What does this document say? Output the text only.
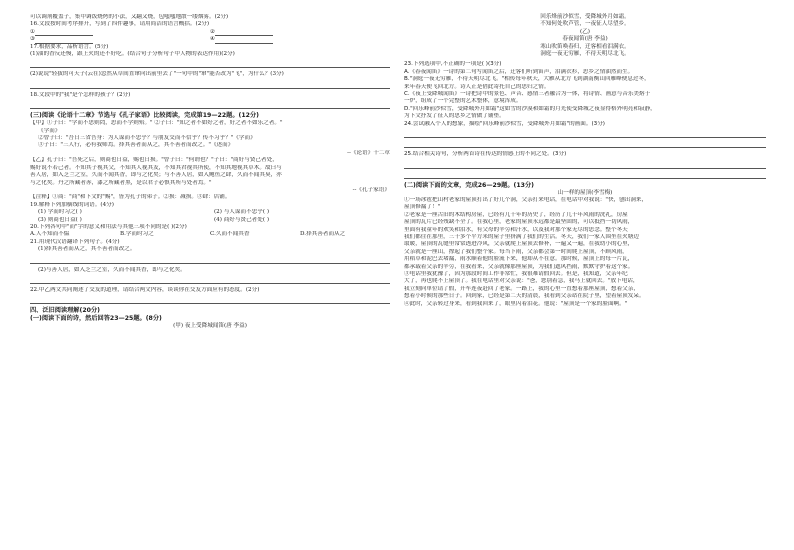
可以调剂覆盖子，集中调饭烧烤的小法，又翻又烧，包嗤嗤地散一缕烟雾。(2分)
16.文段按时间考序排开，写到了四件趣事，请用简洁的语言概括。(2分)
①	②
③	④
17.根据要求，品析语言。(5分)
(1)油的香反还慢，跟上火的还不好吃。(结合句子分析句子中人物的表达作用)(2分)
(2)说说"轻拔的可天子(云在)忽然从草间直窜向出前里去了"一句中的"窜"能否改为"飞"，为什么？(3分)
18.文段中的"我"是个怎样的孩子？(2分)
(三)阅读《论语十二章》节选与《孔子家语》比较阅读，完成第19—22题。(12分)
【甲】①子曰："学而不思则罔，思而不学则殆。" ②子曰："知之者不如好之者，好之者不如乐之者。"
《学而》
②曾子曰："吾日三省吾身：为人谋而不忠乎？与朋友交而不信乎？传不习乎？"《学而》
③子曰："三人行，必有我师焉。择其善者而从之，其不善者而改之。"《述而》
--《论语》十二章
【乙】孔子曰："吾死之后，则商也日益，赐也日损。"曾子曰："何谓也？"子曰："商好与贤己者处，
赐好说不若己者。不知其子视其父，不知其人视其友，不知其君视其所使，不知其地视其草木。故曰与
善人居，如入芝兰之室，久而不闻其香，即与之化矣；与不善人居，如入鲍鱼之肆，久而不闻其臭，亦
与之化矣。丹之所藏者赤，漆之所藏者黑，是以君子必慎其所与处者焉。"
--《孔子家语》
【注释】①商："商"和下文的"赐"，皆为孔子的弟子。②损：减损。③肆：店铺。
19.解释下列加横线的词语。(4分)
(1) 学而时习之( )	(2) 与人谋而不忠乎( )
(3) 则商也日益( )	(4) 商好与贤己者处( )
20.下列各句中"而"字的意义和用法与其他三项不同的是( )(2分)
A.人不知而不愠	B.学而时习之	C.久而不闻其香	D.择其善者而从之
21.用现代汉语翻译下列句子。(4分)
(1)择其善者而从之，其不善者而改之。
(2)与善人居，如入芝兰之室，久而不闻其香，即与之化矣。
22.甲乙两文共同阐述了交友的道理，请结合两文内容，谈谈你在交友方面应有的态度。(2分)
四、泛旧阅读理解(20分)
(一)阅读下面的诗，然后回答23—25题。(8分)
(甲) 夜上受降城闻笛(唐 李益)
回乐烽前沙似雪，受降城外月如霜。
不知何处吹芦管，一夜征人尽望乡。
(乙)
春夜闻笛(唐 李益)
寒山吹笛唤春归，迁客相看泪满衣。
洞庭一夜无穷雁，不待天明尽北飞。
23.下列选项中,不正确的一项是( )(3分)
A.《春夜闻笛》一诗的第二句写闻笛之后，迁客们听到笛声，泪满衣衫，思乡之情油然而生。
B."洞庭一夜无穷雁，不待天明尽北飞。"相传每年秋天，大雁从北方飞到湖南衡山回雁峰便息过冬，
来年春天便飞回北方。诗人正是借此寄托自己的思归之情。
C.《夜上受降城闻笛》一诗把诗中的景色、声音、感情三者融合为一体，将诗情、画意与音乐美熔于
一炉，组成了一个完整的艺术整体，意境浑成。
D."回乐峰前沙似雪，受降城外月如霜"这如雪的沙漠和如霜的月光使受降城之夜显得格外明亮和寂静，
为下文抒发了征人的思乡之情做了铺垫。
24.尝试融入个人的想象，描绘"回乐峰前沙似雪，受降城外月如霜"的画面。(3分)
25.结合相关诗句，分析两首诗在传达的情感上的不同之处。(3分)
(二)阅读下面的文章，完成26—29题。(13分)
山一样的屋顶(李雪梅)
①一场冰雹把山村老家的屋顶打出了好几个洞，父亲打来电话，在电话中对我说："快，刨出洞来，
屋顶修漏了！"
②老家是一座古旧的木结构房屋，已经有几十年的历史了，经历了几十年风雨的洗礼，房屋
屋顶的瓦片已经残缺不全了。在我心里，老家的屋顶永远都是最坚固的，可以抵挡一切风雨，
里面有我童年的欢笑和泪水，有父母的辛劳和汗水，以及我对那个家无尽的思念。整个冬天
我们都住在那里，三十多个平方米的屋子里挤满了我们的生活。冬天，我们一家人围坐在火塘边
取暖，屋顶的瓦缝里常常透进冷风，父亲就爬上屋顶去修补，一遍又一遍，在我幼小的心里，
父亲就是一座山，撑起了我们整个家。每当下雨，父亲都会第一时间爬上屋顶，不顾风雨，
用稻草和泥巴去堵漏，雨水顺着他的脸流下来，他却从不在意。那时候，屋顶上的每一片瓦，
都承载着父亲的辛劳，在我看来，父亲就像那座屋顶，为我们遮风挡雨，默默守护着这个家。
③电话里我犹豫了，因为那段时间工作非常忙，我很难请假回去。但是，我知道，父亲年纪
大了，再也爬不上屋顶了。我在电话里对父亲说："爸，您别着急，我马上就回去。"放下电话，
我立刻向单位请了假，开车连夜赶回了老家。一路上，我的心里一直想着那座屋顶，想着父亲，
想着小时候的那些日子。回到家，已经是第二天的清晨，我看到父亲站在院子里，望着屋顶发呆。
④此时，父亲转过身来，看到我回来了，眼里闪着泪花。他说："屋顶是一个家的脸面啊。"
